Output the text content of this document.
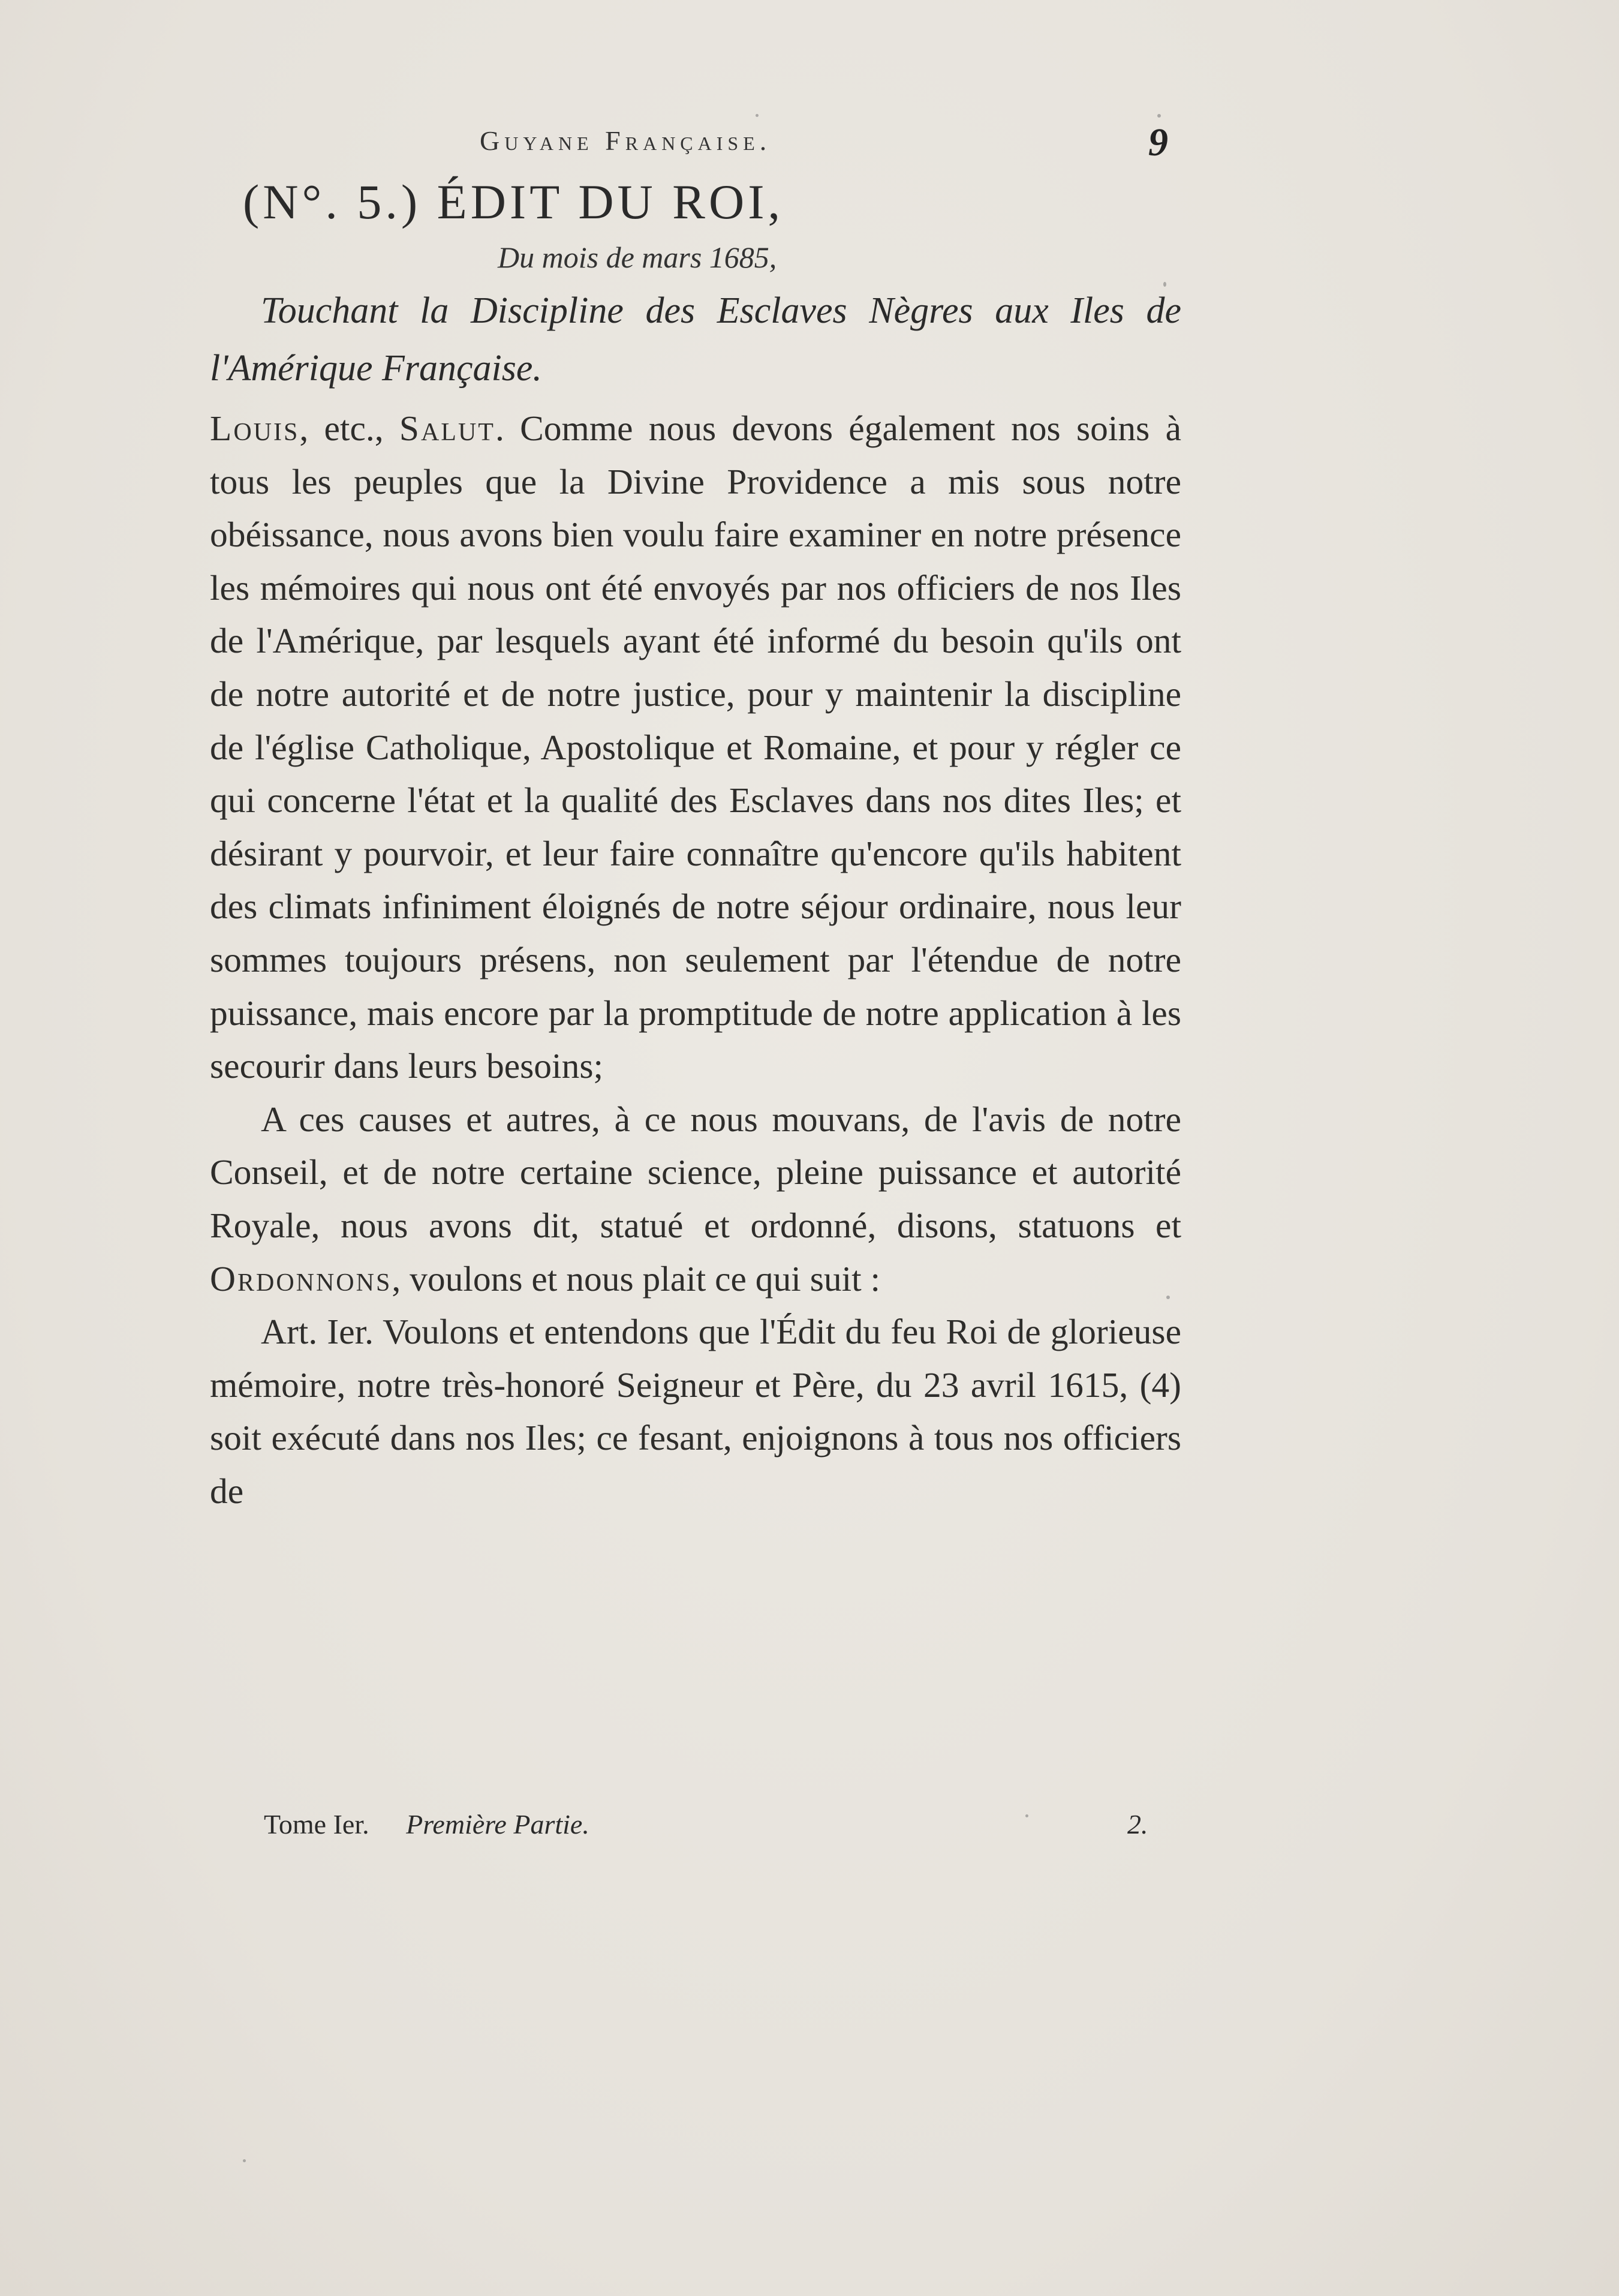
Guyane Française.	9
(N°. 5.) ÉDIT DU ROI,
Du mois de mars 1685,
Touchant la Discipline des Esclaves Nègres aux Iles de l'Amérique Française.

Louis, etc., Salut. Comme nous devons également nos soins à tous les peuples que la Divine Providence a mis sous notre obéissance, nous avons bien voulu faire examiner en notre présence les mémoires qui nous ont été envoyés par nos officiers de nos Iles de l'Amérique, par lesquels ayant été informé du besoin qu'ils ont de notre autorité et de notre justice, pour y maintenir la discipline de l'église Catholique, Apostolique et Romaine, et pour y régler ce qui concerne l'état et la qualité des Esclaves dans nos dites Iles; et désirant y pourvoir, et leur faire connaître qu'encore qu'ils habitent des climats infiniment éloignés de notre séjour ordinaire, nous leur sommes toujours présens, non seulement par l'étendue de notre puissance, mais encore par la promptitude de notre application à les secourir dans leurs besoins;

A ces causes et autres, à ce nous mouvans, de l'avis de notre Conseil, et de notre certaine science, pleine puissance et autorité Royale, nous avons dit, statué et ordonné, disons, statuons et Ordonnons, voulons et nous plait ce qui suit :

Art. Ier. Voulons et entendons que l'Édit du feu Roi de glorieuse mémoire, notre très-honoré Seigneur et Père, du 23 avril 1615, (4) soit exécuté dans nos Iles; ce fesant, enjoignons à tous nos officiers de

Tome Ier. Première Partie.	2.
